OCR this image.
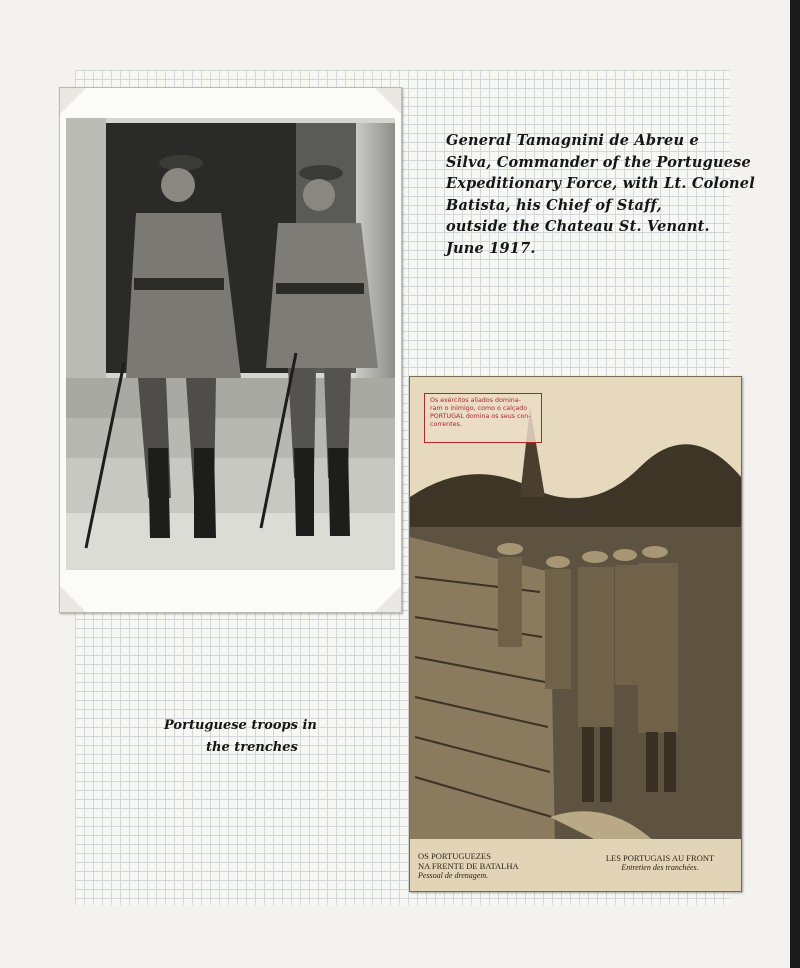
General Tamagnini de Abreu e
Silva, Commander of the Portuguese
Expeditionary Force, with Lt. Colonel
Batista, his Chief of Staff,
outside the Chateau St. Venant.
June 1917.
Os exércitos aliados domina-
ram o inimigo, como o calçado
PORTUGAL domina os seus con-
correntes.
OS PORTUGUEZES
NA FRENTE DE BATALHA
Pessoal de drenagem.
LES PORTUGAIS AU FRONT
Entretien des tranchées.
Portuguese troops in
the trenches
